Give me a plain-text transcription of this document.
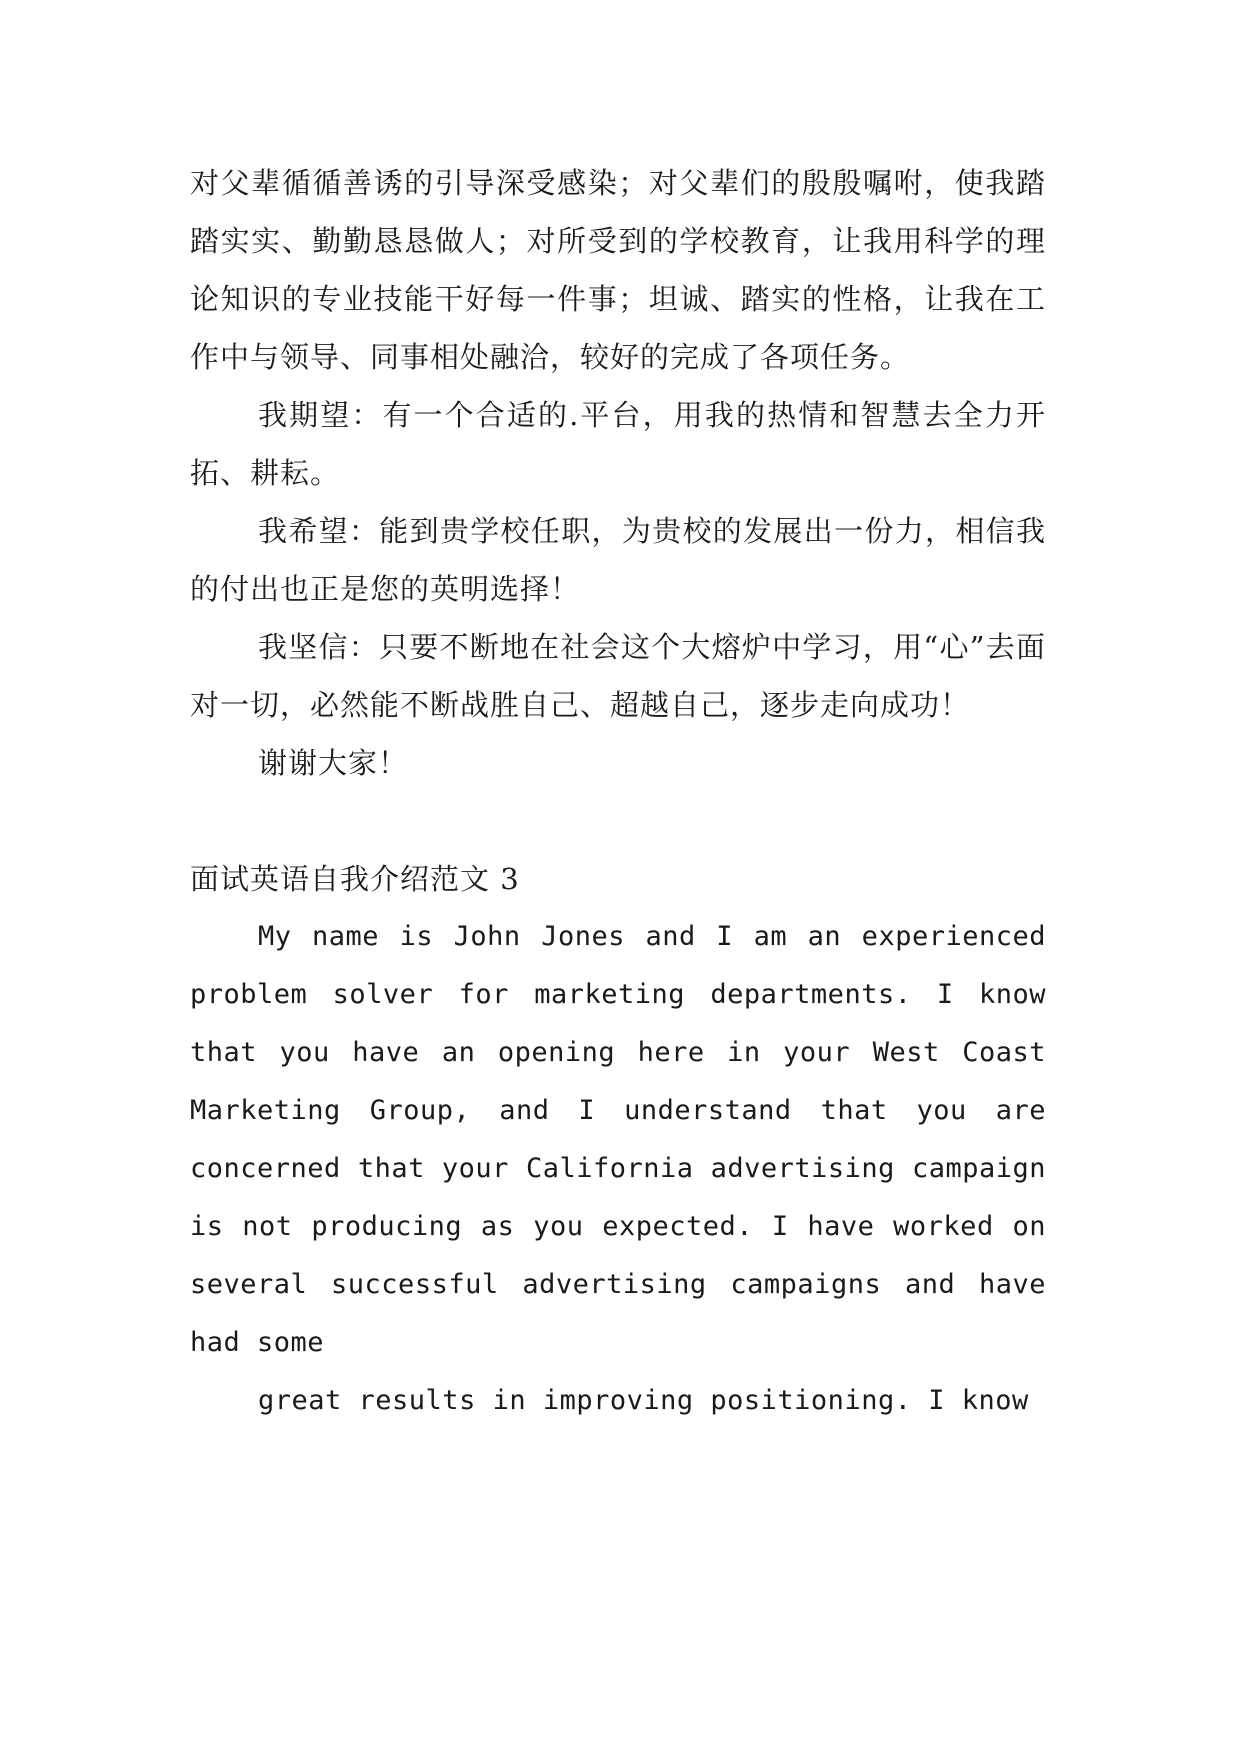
对父辈循循善诱的引导深受感染；对父辈们的殷殷嘱咐，使我踏踏实实、勤勤恳恳做人；对所受到的学校教育，让我用科学的理论知识的专业技能干好每一件事；坦诚、踏实的性格，让我在工作中与领导、同事相处融洽，较好的完成了各项任务。

我期望：有一个合适的.平台，用我的热情和智慧去全力开拓、耕耘。

我希望：能到贵学校任职，为贵校的发展出一份力，相信我的付出也正是您的英明选择！

我坚信：只要不断地在社会这个大熔炉中学习，用“心”去面对一切，必然能不断战胜自己、超越自己，逐步走向成功！

谢谢大家！

面试英语自我介绍范文 3

My name is John Jones and I am an experienced problem solver for marketing departments. I know that you have an opening here in your West Coast Marketing Group, and I understand that you are concerned that your California advertising campaign is not producing as you expected. I have worked on several successful advertising campaigns and have had some

great results in improving positioning. I know
